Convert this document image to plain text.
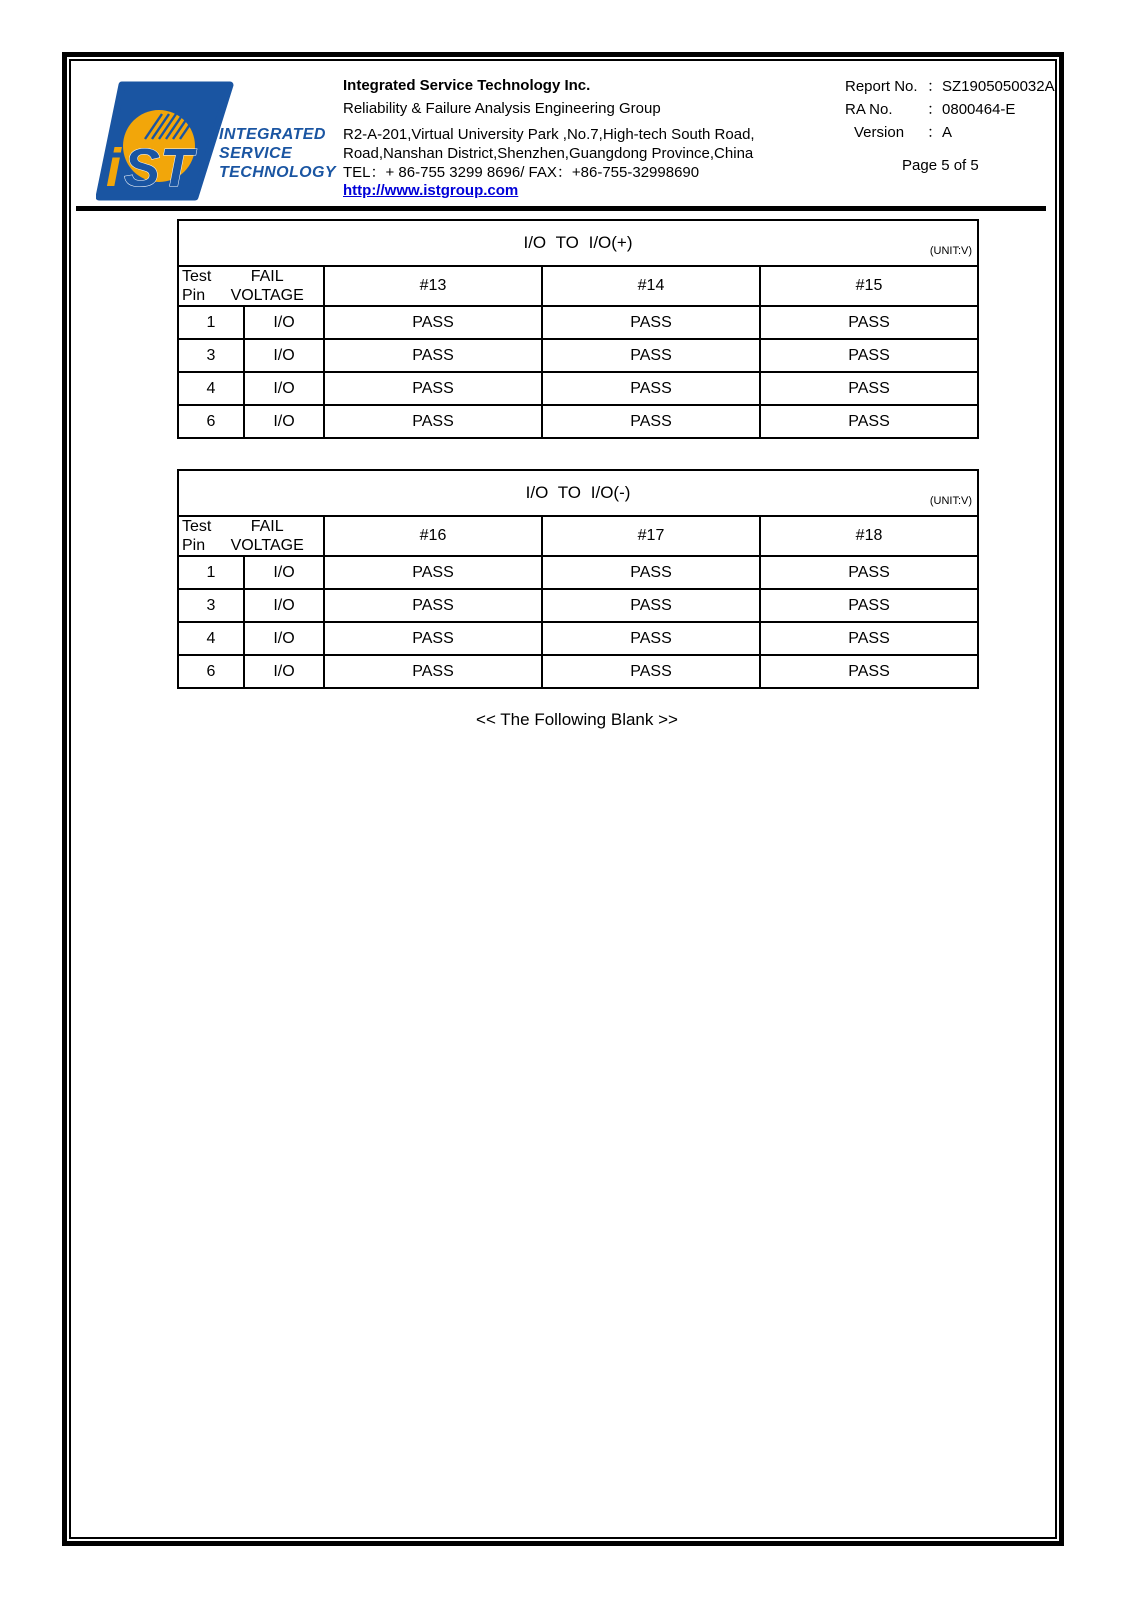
i ST
INTEGRATED
SERVICE
TECHNOLOGY
Integrated Service Technology Inc.
Reliability & Failure Analysis Engineering Group
R2-A-201,Virtual University Park ,No.7,High-tech South Road,
Road,Nanshan District,Shenzhen,Guangdong Province,China
TEL：+ 86-755 3299 8696/ FAX：+86-755-32998690
http://www.istgroup.com
Report No. ： SZ1905050032A
RA No.	： 0800464-E
Version	： A
Page 5 of 5
I/O TO I/O(+) (UNIT:V)				

Test
Pin
FAIL
VOLTAGE		#13	#14	#15
1	I/O	PASS	PASS	PASS
3	I/O	PASS	PASS	PASS
4	I/O	PASS	PASS	PASS
6	I/O	PASS	PASS	PASS
I/O TO I/O(-) (UNIT:V)				

Test
Pin
FAIL
VOLTAGE		#16	#17	#18
1	I/O	PASS	PASS	PASS
3	I/O	PASS	PASS	PASS
4	I/O	PASS	PASS	PASS
6	I/O	PASS	PASS	PASS
<< The Following Blank >>
